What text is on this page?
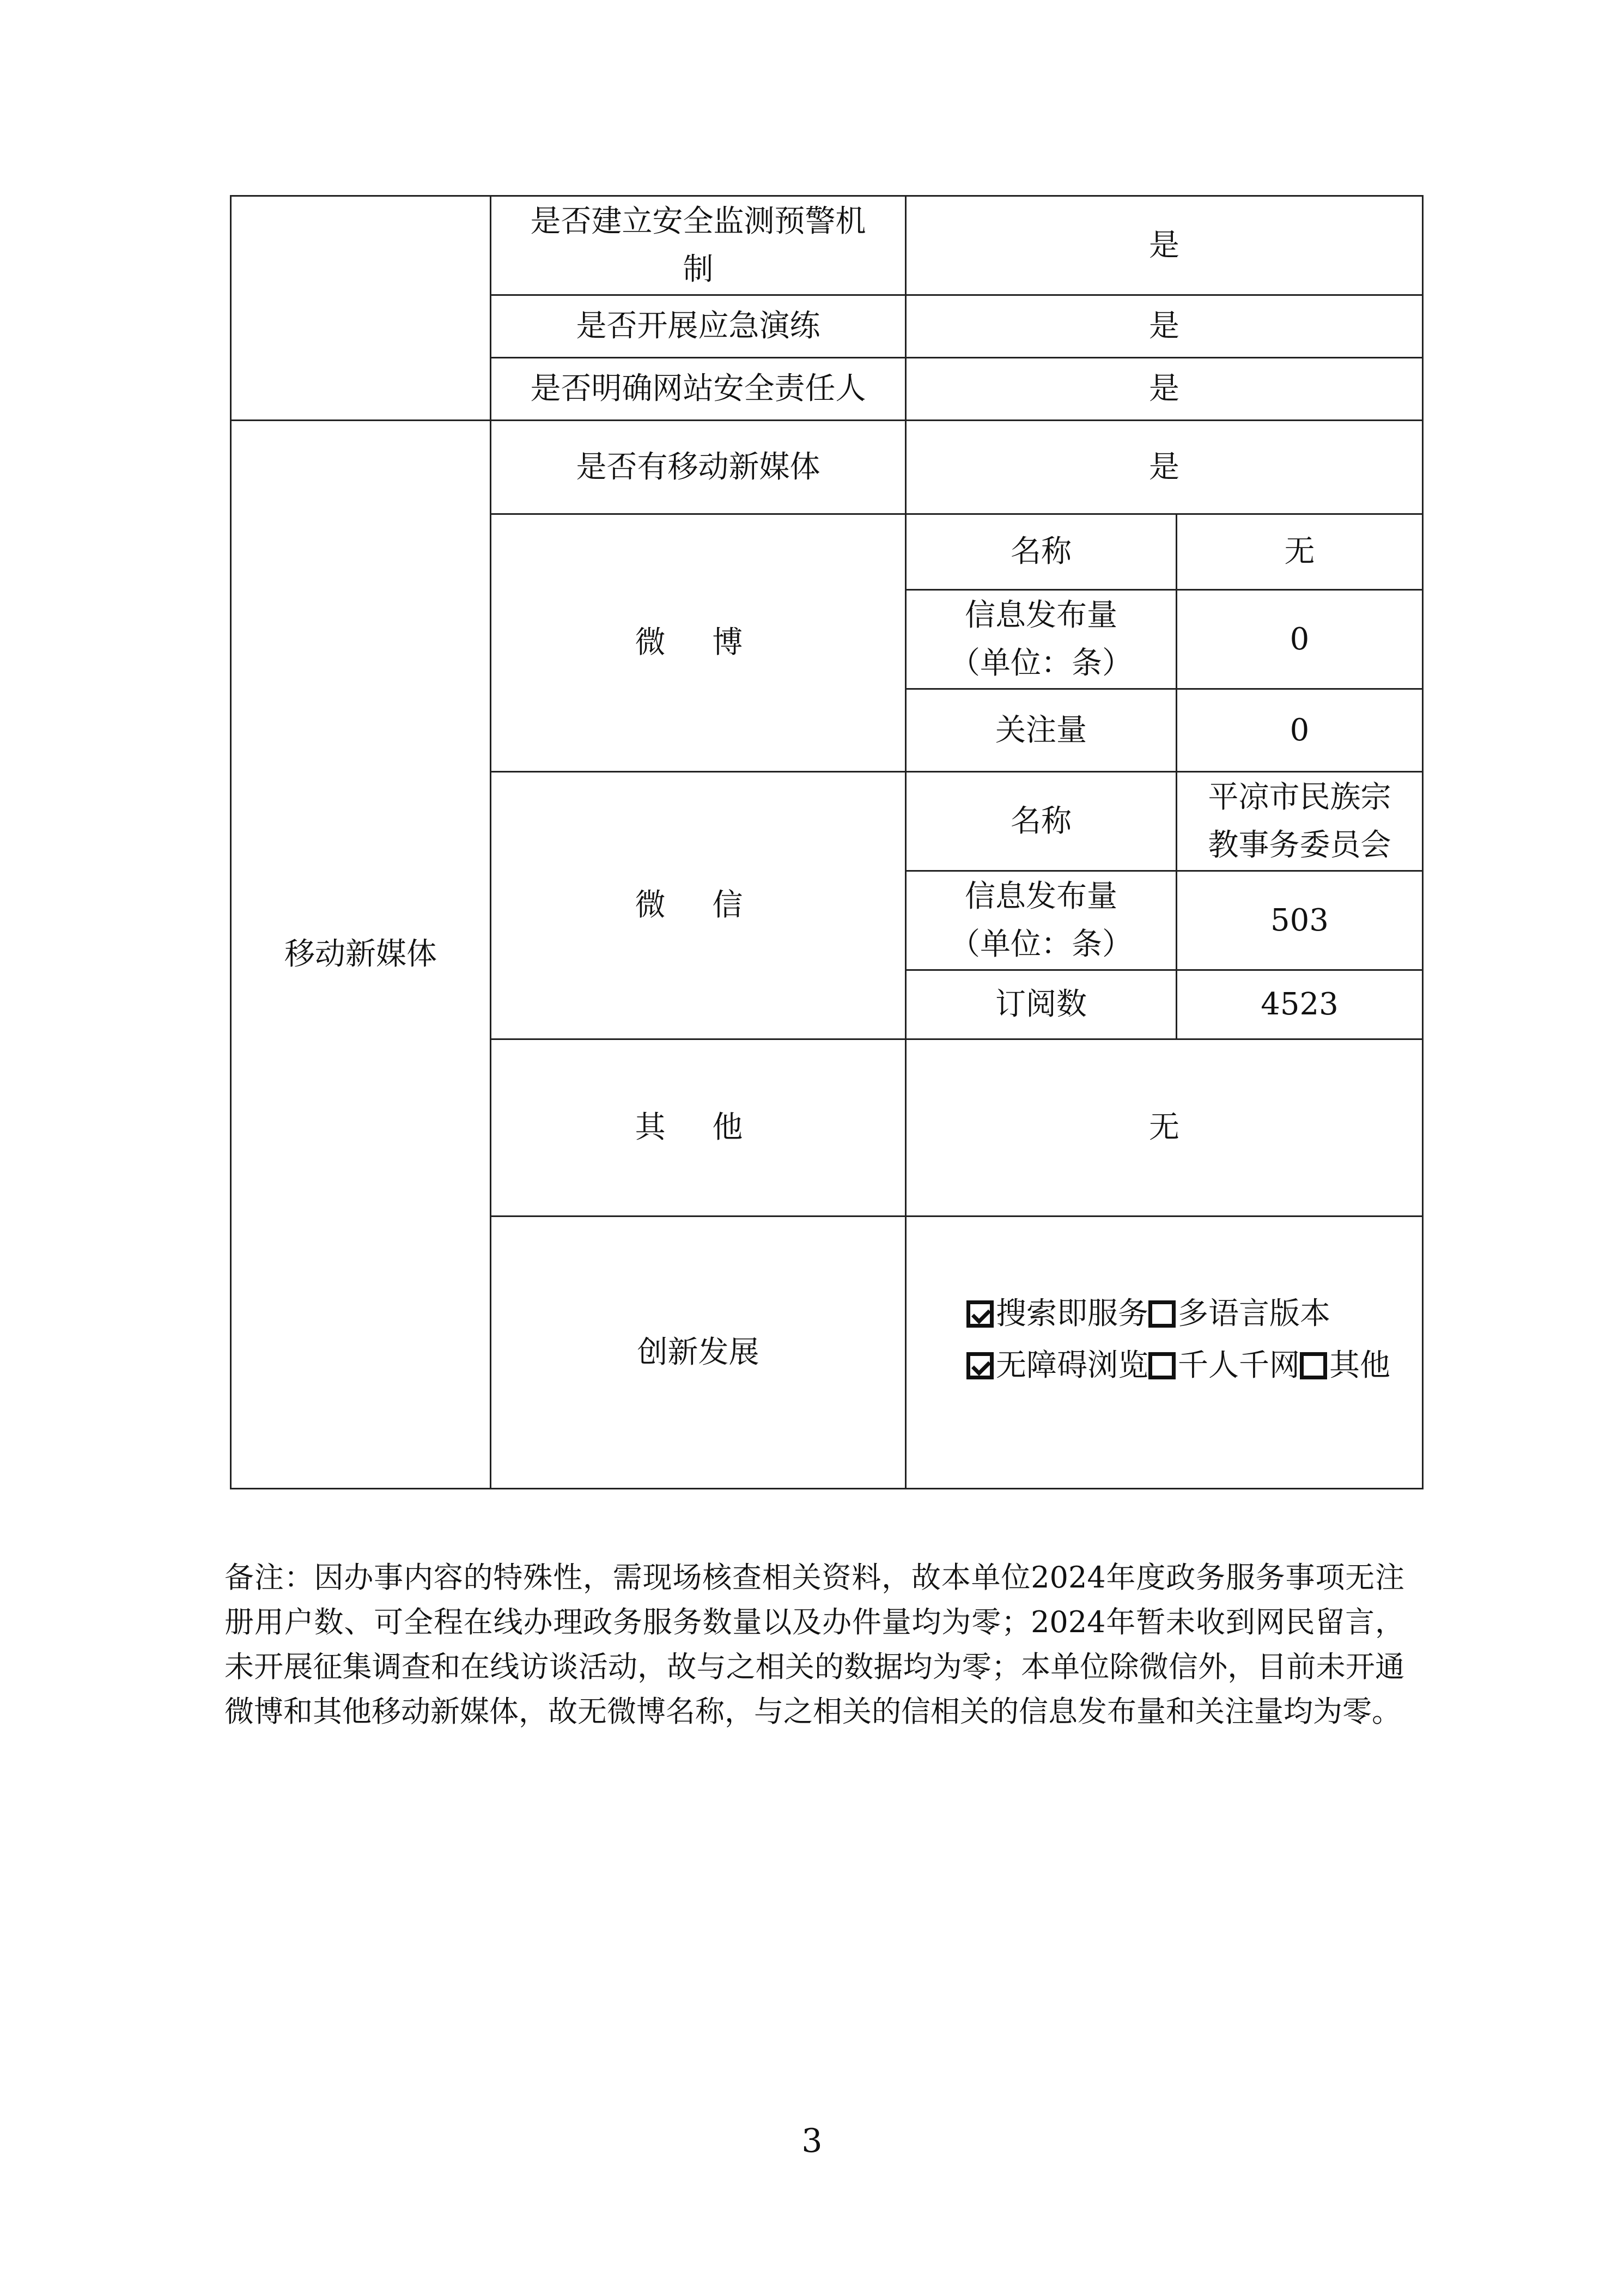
	是否建立安全监测预警机制	是	
	是否开展应急演练	是	
	是否明确网站安全责任人	是	
移动新媒体	是否有移动新媒体	是	
	微 博	名称	无
		信息发布量（单位：条）	0
		关注量	0
	微 信	名称	平凉市民族宗教事务委员会
		信息发布量（单位：条）	503
		订阅数	4523
	其 他	无	
	创新发展	搜索即服务 多语言版本
无障碍浏览 千人千网 其他	

备注：因办事内容的特殊性，需现场核查相关资料，故本单位2024年度政务服务事项无注册用户数、可全程在线办理政务服务数量以及办件量均为零；2024年暂未收到网民留言，未开展征集调查和在线访谈活动，故与之相关的数据均为零；本单位除微信外，目前未开通微博和其他移动新媒体，故无微博名称，与之相关的信相关的信息发布量和关注量均为零。

3
